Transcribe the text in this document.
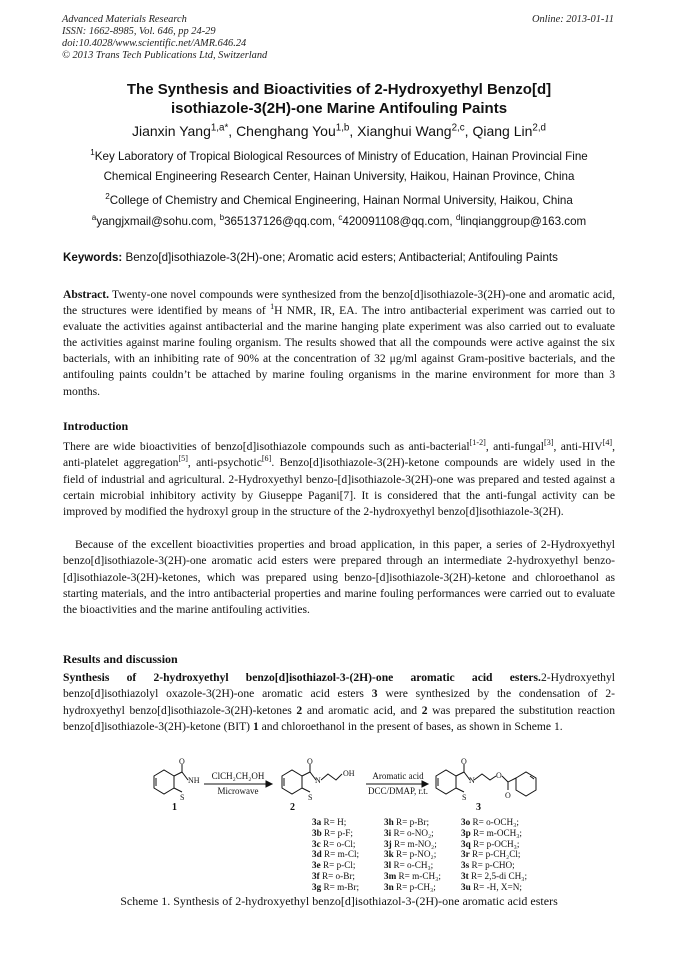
Advanced Materials Research
ISSN: 1662-8985, Vol. 646, pp 24-29
doi:10.4028/www.scientific.net/AMR.646.24
© 2013 Trans Tech Publications Ltd, Switzerland
Online: 2013-01-11
The Synthesis and Bioactivities of 2-Hydroxyethyl Benzo[d]
isothiazole-3(2H)-one Marine Antifouling Paints
Jianxin Yang$^{1,a*}$, Chenghang You$^{1,b}$, Xianghui Wang$^{2,c}$, Qiang Lin$^{2,d}$
$^1$Key Laboratory of Tropical Biological Resources of Ministry of Education, Hainan Provincial Fine
Chemical Engineering Research Center, Hainan University, Haikou, Hainan Province, China
$^2$College of Chemistry and Chemical Engineering, Hainan Normal University, Haikou, China
$^a$yangjxmail@sohu.com, $^b$365137126@qq.com, $^c$420091108@qq.com, $^d$linqianggroup@163.com
Keywords: Benzo[d]isothiazole-3(2H)-one; Aromatic acid esters; Antibacterial; Antifouling Paints
Abstract. Twenty-one novel compounds were synthesized from the benzo[d]isothiazole-3(2H)-one and aromatic acid, the structures were identified by means of $^1$H NMR, IR, EA. The intro antibacterial experiment was carried out to evaluate the activities against antibacterial and the marine hanging plate experiment was also carried out to evaluate the activities against marine fouling organism. The results showed that all the compounds were active against the six bacterials, with an inhibiting rate of 90% at the concentration of 32 μg/ml against Gram-positive bacterials, and the antifouling paints couldn’t be attached by marine fouling organisms in the marine environment for more than 3 months.
Introduction
There are wide bioactivities of benzo[d]isothiazole compounds such as anti-bacterial[1-2], anti-fungal[3], anti-HIV[4], anti-platelet aggregation[5], anti-psychotic[6]. Benzo[d]isothiazole-3(2H)-ketone compounds are widely used in the field of industrial and agricultural. 2-Hydroxyethyl benzo-[d]isothiazole-3(2H)-one was prepared and tested against a certain microbial inhibitory activity by Giuseppe Pagani[7]. It is considered that the anti-fungal activity can be improved by modified the hydroxyl group in the structure of the 2-hydroxyethyl benzo[d]isothiazole-3(2H).
Because of the excellent bioactivities properties and broad application, in this paper, a series of 2-Hydroxyethyl benzo[d]isothiazole-3(2H)-one aromatic acid esters were prepared through an intermediate 2-hydroxyethyl benzo-[d]isothiazole-3(2H)-ketones, which was prepared using benzo-[d]isothiazole-3(2H)-ketone and chloroethanol as starting materials, and the intro antibacterial properties and marine fouling performances were carried out to evaluate the bioactivities and the marine antifouling activities.
Results and discussion
Synthesis of 2-hydroxyethyl benzo[d]isothiazol-3-(2H)-one aromatic acid esters.2-Hydroxyethyl benzo[d]isothiazolyl oxazole-3(2H)-one aromatic acid esters 3 were synthesized by the condensation of 2-hydroxyethyl benzo[d]isothiazole-3(2H)-ketones 2 and aromatic acid, and 2 was prepared the substitution reaction benzo[d]isothiazole-3(2H)-ketone (BIT) 1 and chloroethanol in the present of bases, as shown in Scheme 1.
O
NH
S
O
N
S
OH
O
N
S
O
O
ClCH₂CH₂OH
Microwave
Aromatic acid
DCC/DMAP, r.t.
1	2	3
3a R= H;
3b R= p-F;
3c R= o-Cl;
3d R= m-Cl;
3e R= p-Cl;
3f R= o-Br;
3g R= m-Br;
3h R= p-Br;
3i R= o-NO₂;
3j R= m-NO₂;
3k R= p-NO₂;
3l R= o-CH₃;
3m R= m-CH₃;
3n R= p-CH₃;
3o R= o-OCH₃;
3p R= m-OCH₃;
3q R= p-OCH₃;
3r R= p-CH₂Cl;
3s R= p-CHO;
3t R= 2,5-di CH₃;
3u R= -H, X=N;
Scheme 1. Synthesis of 2-hydroxyethyl benzo[d]isothiazol-3-(2H)-one aromatic acid esters
